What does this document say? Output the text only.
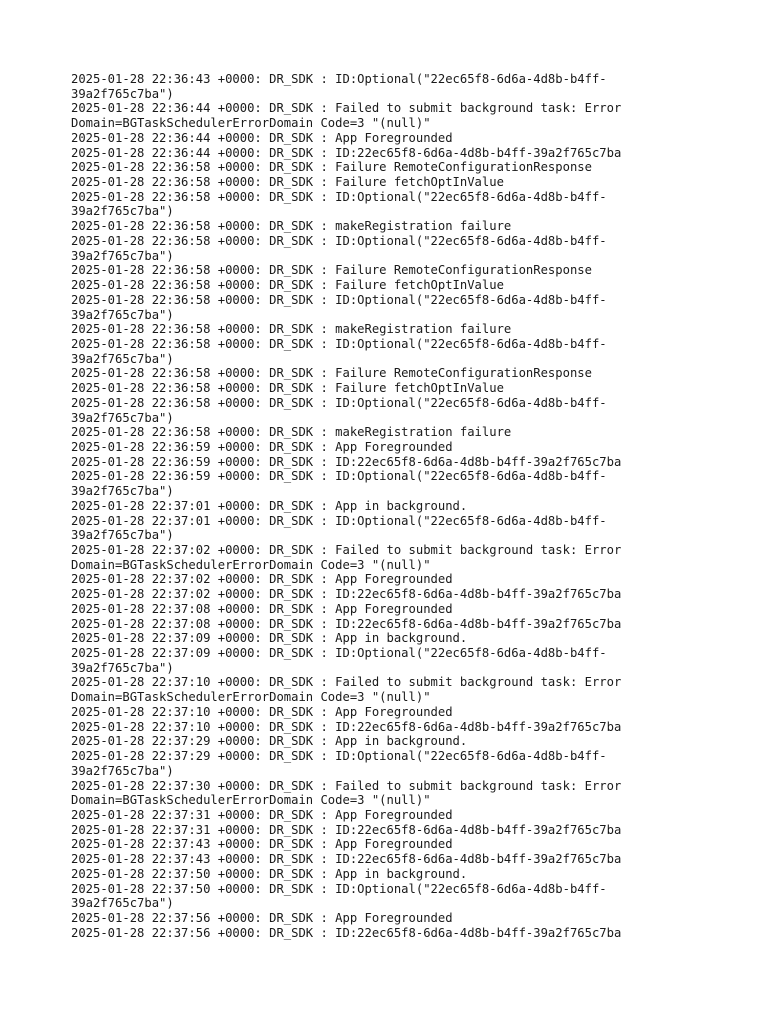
2025-01-28 22:36:43 +0000: DR_SDK : ID:Optional("22ec65f8-6d6a-4d8b-b4ff-
39a2f765c7ba")
2025-01-28 22:36:44 +0000: DR_SDK : Failed to submit background task: Error
Domain=BGTaskSchedulerErrorDomain Code=3 "(null)"
2025-01-28 22:36:44 +0000: DR_SDK : App Foregrounded
2025-01-28 22:36:44 +0000: DR_SDK : ID:22ec65f8-6d6a-4d8b-b4ff-39a2f765c7ba
2025-01-28 22:36:58 +0000: DR_SDK : Failure RemoteConfigurationResponse
2025-01-28 22:36:58 +0000: DR_SDK : Failure fetchOptInValue
2025-01-28 22:36:58 +0000: DR_SDK : ID:Optional("22ec65f8-6d6a-4d8b-b4ff-
39a2f765c7ba")
2025-01-28 22:36:58 +0000: DR_SDK : makeRegistration failure
2025-01-28 22:36:58 +0000: DR_SDK : ID:Optional("22ec65f8-6d6a-4d8b-b4ff-
39a2f765c7ba")
2025-01-28 22:36:58 +0000: DR_SDK : Failure RemoteConfigurationResponse
2025-01-28 22:36:58 +0000: DR_SDK : Failure fetchOptInValue
2025-01-28 22:36:58 +0000: DR_SDK : ID:Optional("22ec65f8-6d6a-4d8b-b4ff-
39a2f765c7ba")
2025-01-28 22:36:58 +0000: DR_SDK : makeRegistration failure
2025-01-28 22:36:58 +0000: DR_SDK : ID:Optional("22ec65f8-6d6a-4d8b-b4ff-
39a2f765c7ba")
2025-01-28 22:36:58 +0000: DR_SDK : Failure RemoteConfigurationResponse
2025-01-28 22:36:58 +0000: DR_SDK : Failure fetchOptInValue
2025-01-28 22:36:58 +0000: DR_SDK : ID:Optional("22ec65f8-6d6a-4d8b-b4ff-
39a2f765c7ba")
2025-01-28 22:36:58 +0000: DR_SDK : makeRegistration failure
2025-01-28 22:36:59 +0000: DR_SDK : App Foregrounded
2025-01-28 22:36:59 +0000: DR_SDK : ID:22ec65f8-6d6a-4d8b-b4ff-39a2f765c7ba
2025-01-28 22:36:59 +0000: DR_SDK : ID:Optional("22ec65f8-6d6a-4d8b-b4ff-
39a2f765c7ba")
2025-01-28 22:37:01 +0000: DR_SDK : App in background.
2025-01-28 22:37:01 +0000: DR_SDK : ID:Optional("22ec65f8-6d6a-4d8b-b4ff-
39a2f765c7ba")
2025-01-28 22:37:02 +0000: DR_SDK : Failed to submit background task: Error
Domain=BGTaskSchedulerErrorDomain Code=3 "(null)"
2025-01-28 22:37:02 +0000: DR_SDK : App Foregrounded
2025-01-28 22:37:02 +0000: DR_SDK : ID:22ec65f8-6d6a-4d8b-b4ff-39a2f765c7ba
2025-01-28 22:37:08 +0000: DR_SDK : App Foregrounded
2025-01-28 22:37:08 +0000: DR_SDK : ID:22ec65f8-6d6a-4d8b-b4ff-39a2f765c7ba
2025-01-28 22:37:09 +0000: DR_SDK : App in background.
2025-01-28 22:37:09 +0000: DR_SDK : ID:Optional("22ec65f8-6d6a-4d8b-b4ff-
39a2f765c7ba")
2025-01-28 22:37:10 +0000: DR_SDK : Failed to submit background task: Error
Domain=BGTaskSchedulerErrorDomain Code=3 "(null)"
2025-01-28 22:37:10 +0000: DR_SDK : App Foregrounded
2025-01-28 22:37:10 +0000: DR_SDK : ID:22ec65f8-6d6a-4d8b-b4ff-39a2f765c7ba
2025-01-28 22:37:29 +0000: DR_SDK : App in background.
2025-01-28 22:37:29 +0000: DR_SDK : ID:Optional("22ec65f8-6d6a-4d8b-b4ff-
39a2f765c7ba")
2025-01-28 22:37:30 +0000: DR_SDK : Failed to submit background task: Error
Domain=BGTaskSchedulerErrorDomain Code=3 "(null)"
2025-01-28 22:37:31 +0000: DR_SDK : App Foregrounded
2025-01-28 22:37:31 +0000: DR_SDK : ID:22ec65f8-6d6a-4d8b-b4ff-39a2f765c7ba
2025-01-28 22:37:43 +0000: DR_SDK : App Foregrounded
2025-01-28 22:37:43 +0000: DR_SDK : ID:22ec65f8-6d6a-4d8b-b4ff-39a2f765c7ba
2025-01-28 22:37:50 +0000: DR_SDK : App in background.
2025-01-28 22:37:50 +0000: DR_SDK : ID:Optional("22ec65f8-6d6a-4d8b-b4ff-
39a2f765c7ba")
2025-01-28 22:37:56 +0000: DR_SDK : App Foregrounded
2025-01-28 22:37:56 +0000: DR_SDK : ID:22ec65f8-6d6a-4d8b-b4ff-39a2f765c7ba
